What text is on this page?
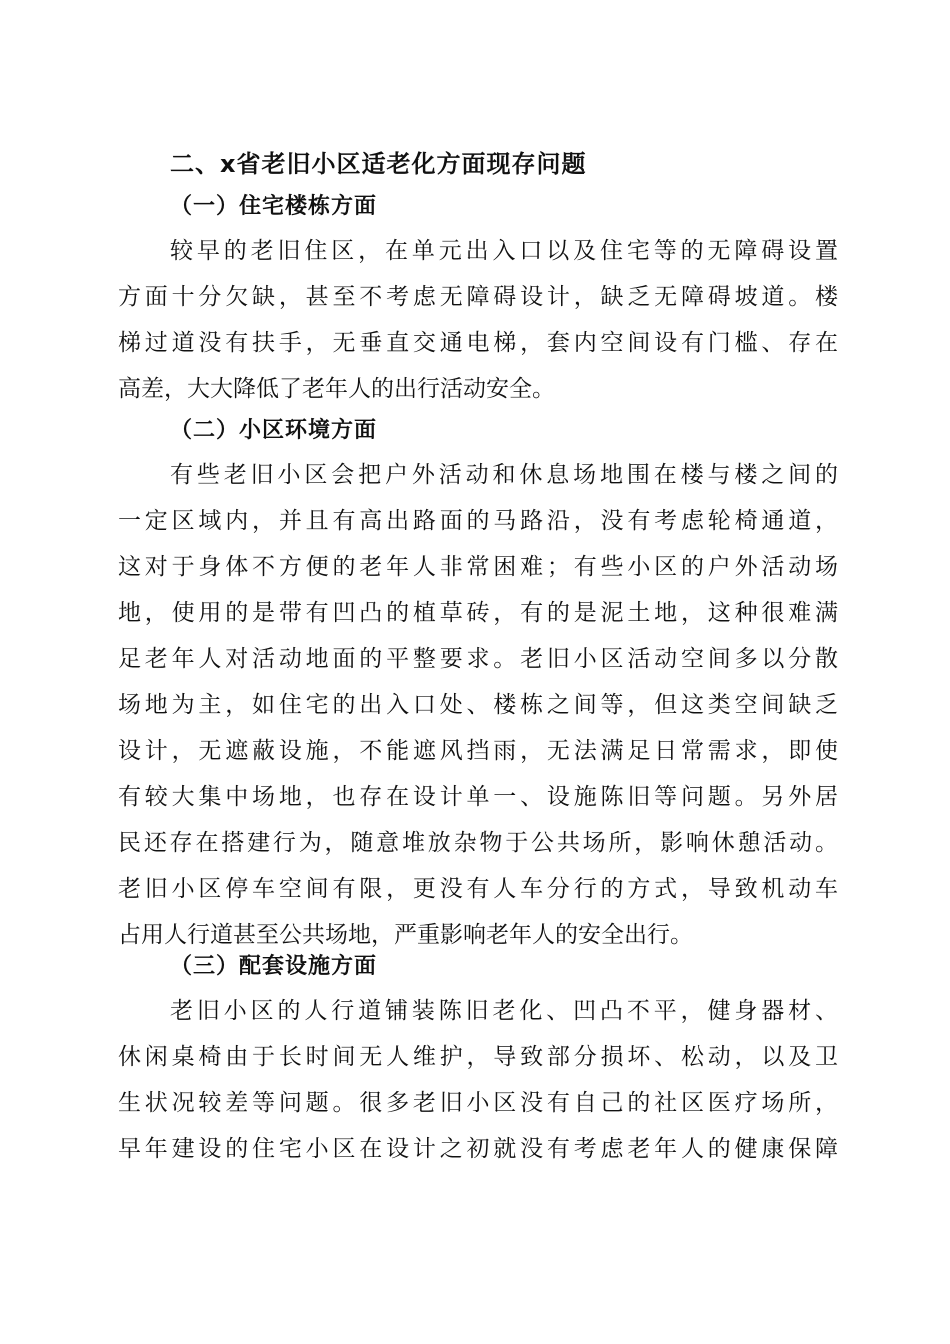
二、x省老旧小区适老化方面现存问题
（一）住宅楼栋方面
较早的老旧住区，在单元出入口以及住宅等的无障碍设置
方面十分欠缺，甚至不考虑无障碍设计，缺乏无障碍坡道。楼
梯过道没有扶手，无垂直交通电梯，套内空间设有门槛、存在
高差，大大降低了老年人的出行活动安全。
（二）小区环境方面
有些老旧小区会把户外活动和休息场地围在楼与楼之间的
一定区域内，并且有高出路面的马路沿，没有考虑轮椅通道，
这对于身体不方便的老年人非常困难；有些小区的户外活动场
地，使用的是带有凹凸的植草砖，有的是泥土地，这种很难满
足老年人对活动地面的平整要求。老旧小区活动空间多以分散
场地为主，如住宅的出入口处、楼栋之间等，但这类空间缺乏
设计，无遮蔽设施，不能遮风挡雨，无法满足日常需求，即使
有较大集中场地，也存在设计单一、设施陈旧等问题。另外居
民还存在搭建行为，随意堆放杂物于公共场所，影响休憩活动。
老旧小区停车空间有限，更没有人车分行的方式，导致机动车
占用人行道甚至公共场地，严重影响老年人的安全出行。
（三）配套设施方面
老旧小区的人行道铺装陈旧老化、凹凸不平，健身器材、
休闲桌椅由于长时间无人维护，导致部分损坏、松动，以及卫
生状况较差等问题。很多老旧小区没有自己的社区医疗场所，
早年建设的住宅小区在设计之初就没有考虑老年人的健康保障
